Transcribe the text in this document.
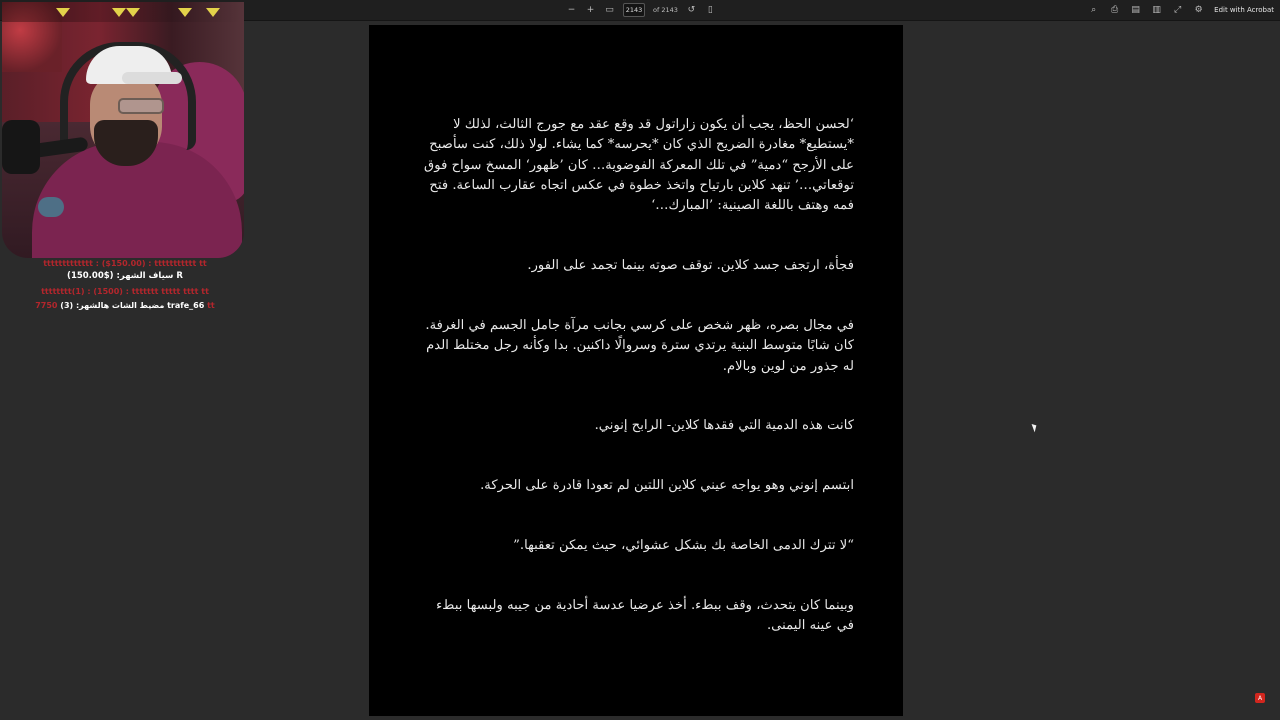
− + ▭
2143	of 2143 ↺	▯	⌕	⎙ ▤ ▥ ⤢ ⚙ Edit with Acrobat
‘لحسن الحظ، يجب أن يكون زاراتول قد وقع عقد مع جورج الثالث، لذلك لا *يستطيع* مغادرة الضريح الذي كان *يحرسه* كما يشاء. لولا ذلك، كنت سأصبح على الأرجح “دمية” في تلك المعركة الفوضوية… كان ’ظهور‘ المسخ سواح فوق توقعاتي…’ تنهد كلاين بارتياح واتخذ خطوة في عكس اتجاه عقارب الساعة. فتح فمه وهتف باللغة الصينية: ’المبارك…‘
فجأة، ارتجف جسد كلاين. توقف صوته بينما تجمد على الفور.
في مجال بصره، ظهر شخص على كرسي بجانب مرآة جامل الجسم في الغرفة. كان شابًا متوسط البنية يرتدي سترة وسروالًا داكنين. بدا وكأنه رجل مختلط الدم له جذور من لوين وبالام.
كانت هذه الدمية التي فقدها كلاين- الرابح إنوني.
ابتسم إنوني وهو يواجه عيني كلاين اللتين لم تعودا قادرة على الحركة.
“لا تترك الدمى الخاصة بك بشكل عشوائي، حيث يمكن تعقبها.”
وبينما كان يتحدث، وقف ببطء. أخذ عرضيا عدسة أحادية من جيبه ولبسها ببطء في عينه اليمنى.
ttttttttttttt : ($150.00) : ttttttttttt tt
سياف الشهر: ($150.00) R
tttttttt(1) : (1500) : ttttttt ttttt tttt tt
7750 مضيط الشات هالشهر: (3) trafe_66 tt
A
